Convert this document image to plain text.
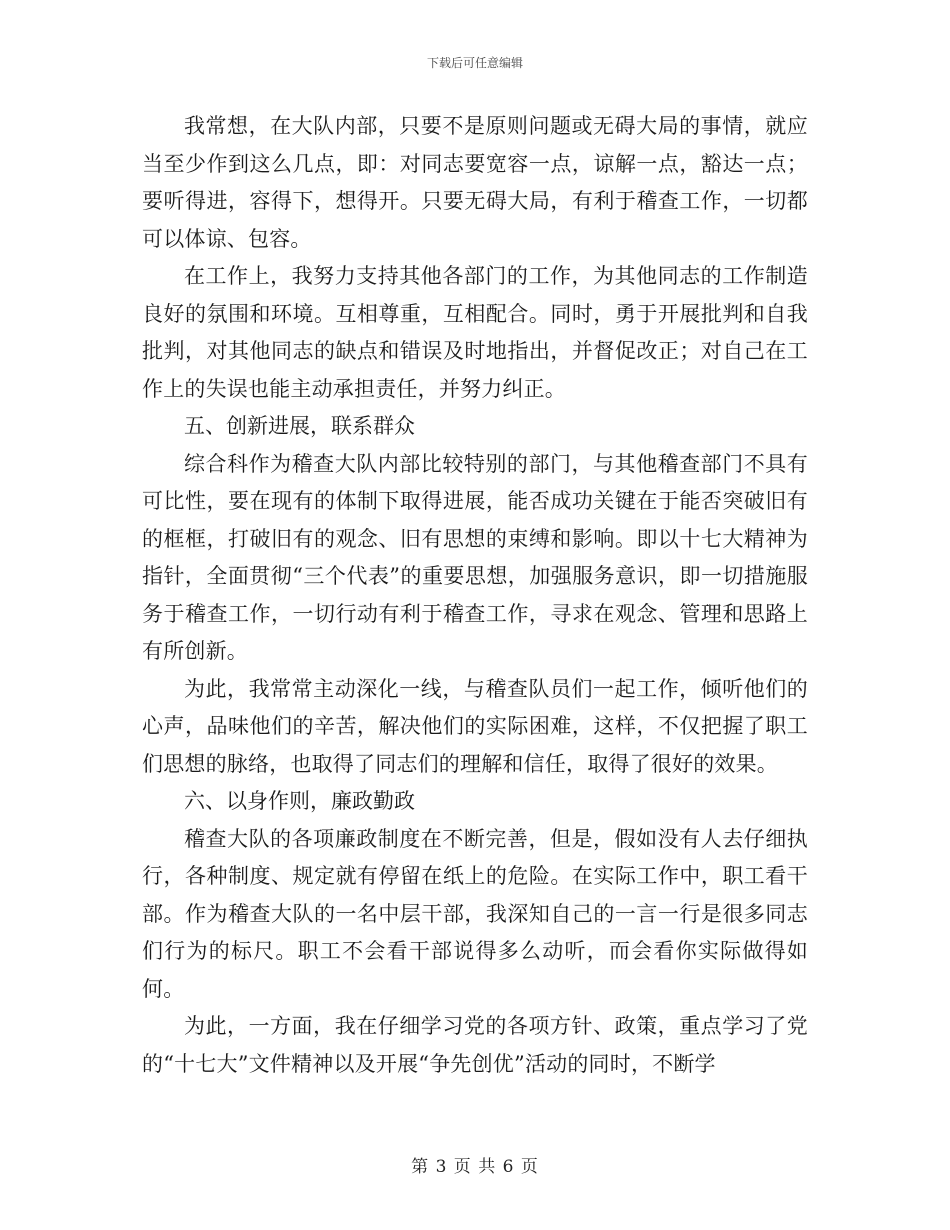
下载后可任意编辑

我常想，在大队内部，只要不是原则问题或无碍大局的事情，就应当至少作到这么几点，即：对同志要宽容一点，谅解一点，豁达一点；要听得进，容得下，想得开。只要无碍大局，有利于稽查工作，一切都可以体谅、包容。

在工作上，我努力支持其他各部门的工作，为其他同志的工作制造良好的氛围和环境。互相尊重，互相配合。同时，勇于开展批判和自我批判，对其他同志的缺点和错误及时地指出，并督促改正；对自己在工作上的失误也能主动承担责任，并努力纠正。

五、创新进展，联系群众

综合科作为稽查大队内部比较特别的部门，与其他稽查部门不具有可比性，要在现有的体制下取得进展，能否成功关键在于能否突破旧有的框框，打破旧有的观念、旧有思想的束缚和影响。即以十七大精神为指针，全面贯彻“三个代表”的重要思想，加强服务意识，即一切措施服务于稽查工作，一切行动有利于稽查工作，寻求在观念、管理和思路上有所创新。

为此，我常常主动深化一线，与稽查队员们一起工作，倾听他们的心声，品味他们的辛苦，解决他们的实际困难，这样，不仅把握了职工们思想的脉络，也取得了同志们的理解和信任，取得了很好的效果。

六、以身作则，廉政勤政

稽查大队的各项廉政制度在不断完善，但是，假如没有人去仔细执行，各种制度、规定就有停留在纸上的危险。在实际工作中，职工看干部。作为稽查大队的一名中层干部，我深知自己的一言一行是很多同志们行为的标尺。职工不会看干部说得多么动听，而会看你实际做得如何。

为此，一方面，我在仔细学习党的各项方针、政策，重点学习了党的“十七大”文件精神以及开展“争先创优”活动的同时，不断学

第 3 页 共 6 页
